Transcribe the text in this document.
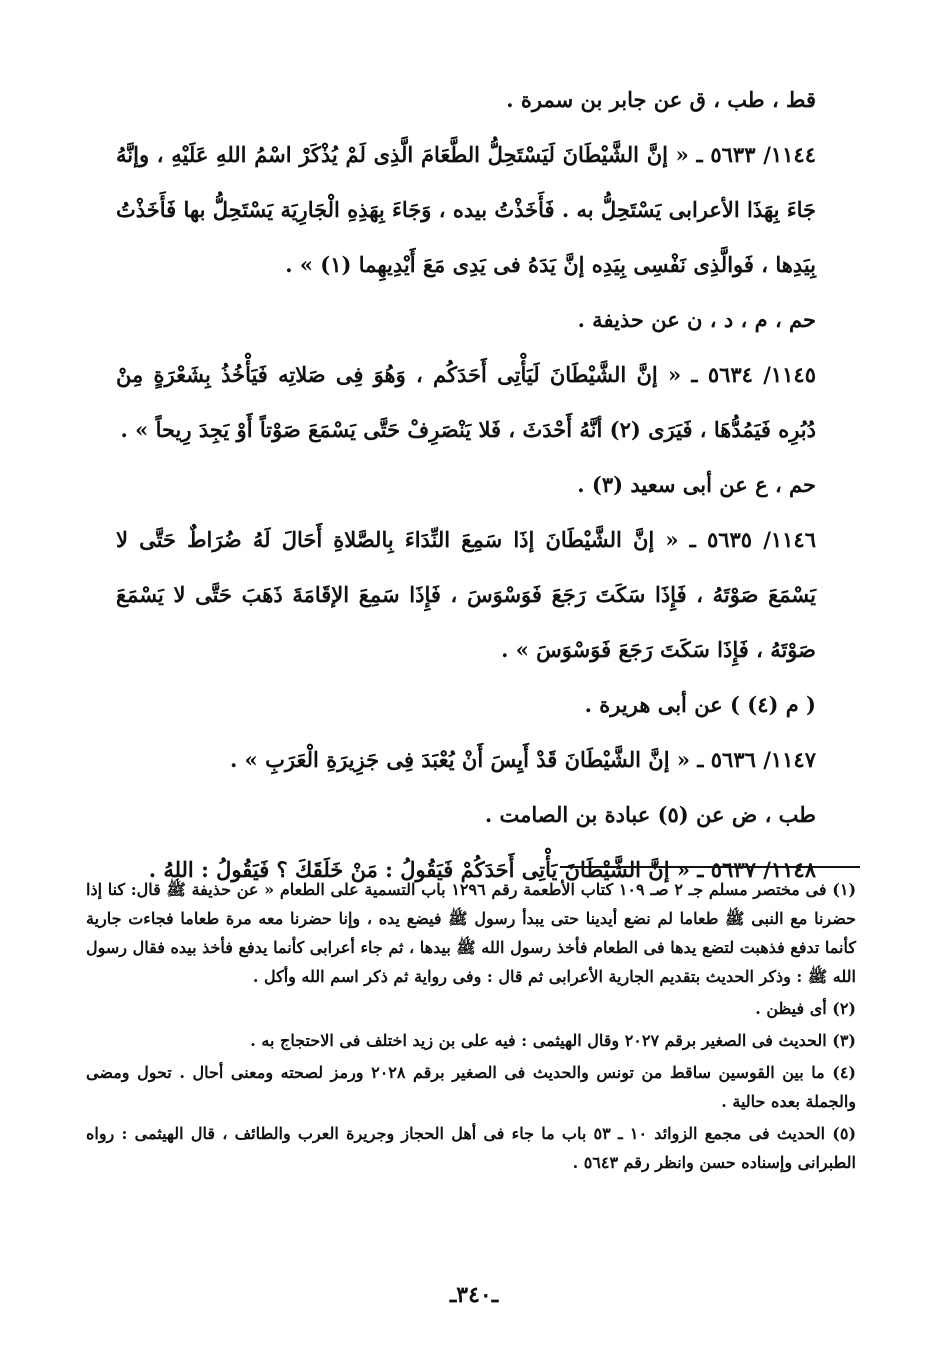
قط ، طب ، ق عن جابر بن سمرة .

١١٤٤/ ٥٦٣٣ ـ « إنَّ الشَّيْطَانَ لَيَسْتَحِلُّ الطَّعَامَ الَّذِى لَمْ يُذْكَرْ اسْمُ اللهِ عَلَيْهِ ، وإنَّهُ جَاءَ بِهَذَا الأعرابى يَسْتَحِلُّ به . فَأَخَذْتُ بيده ، وَجَاءَ بِهَذِهِ الْجَارِيَة يَسْتَحِلُّ بها فَأَخَذْتُ بِيَدِها ، فَوالَّذِى نَفْسِى بِيَدِه إنَّ يَدَهُ فى يَدِى مَعَ أَيْدِيهِما (١) » .

حم ، م ، د ، ن عن حذيفة .

١١٤٥/ ٥٦٣٤ ـ « إنَّ الشَّيْطَانَ لَيَأْتِى أَحَدَكُم ، وَهُوَ فِى صَلاتِه فَيَأْخُذُ بِشَعْرَةٍ مِنْ دُبُرِه فَيَمُدُّهَا ، فَيَرَى (٢) أنَّهُ أَحْدَثَ ، فَلا يَنْصَرِفْ حَتَّى يَسْمَعَ صَوْتاً أَوْ يَجِدَ رِيحاً » .

حم ، ع عن أبى سعيد (٣) .

١١٤٦/ ٥٦٣٥ ـ « إنَّ الشَّيْطَانَ إذَا سَمِعَ النِّدَاءَ بِالصَّلاةِ أَحَالَ لَهُ ضُرَاطٌ حَتَّى لا يَسْمَعَ صَوْتَهُ ، فَإِذَا سَكَتَ رَجَعَ فَوَسْوَسَ ، فَإِذَا سَمِعَ الإقَامَةَ ذَهَبَ حَتَّى لا يَسْمَعَ صَوْتَهُ ، فَإِذَا سَكَتَ رَجَعَ فَوَسْوَسَ » .

( م (٤) ) عن أبى هريرة .

١١٤٧/ ٥٦٣٦ ـ « إنَّ الشَّيْطَانَ قَدْ أَيِسَ أَنْ يُعْبَدَ فِى جَزِيرَةِ الْعَرَبِ » .

طب ، ض عن (٥) عبادة بن الصامت .

١١٤٨/ ٥٦٣٧ ـ « إنَّ الشَّيْطَانَ يَأْتِى أَحَدَكُمْ فَيَقُولُ : مَنْ خَلَقَكَ ؟ فَيَقُولُ : اللهُ .

(١) فى مختصر مسلم جـ ٢ صـ ١٠٩ كتاب الأطعمة رقم ١٢٩٦ باب التسمية على الطعام « عن حذيفة ﷺ قال: كنا إذا حضرنا مع النبى ﷺ طعاما لم نضع أيدينا حتى يبدأ رسول ﷺ فيضع يده ، وإنا حضرنا معه مرة طعاما فجاءت جارية كأنما تدفع فذهبت لتضع يدها فى الطعام فأخذ رسول الله ﷺ بيدها ، ثم جاء أعرابى كأنما يدفع فأخذ بيده فقال رسول الله ﷺ : وذكر الحديث بتقديم الجارية الأعرابى ثم قال : وفى رواية ثم ذكر اسم الله وأكل .

(٢) أى فيظن .

(٣) الحديث فى الصغير برقم ٢٠٢٧ وقال الهيثمى : فيه على بن زيد اختلف فى الاحتجاج به .

(٤) ما بين القوسين ساقط من تونس والحديث فى الصغير برقم ٢٠٢٨ ورمز لصحته ومعنى أحال . تحول ومضى والجملة بعده حالية .

(٥) الحديث فى مجمع الزوائد ١٠ ـ ٥٣ باب ما جاء فى أهل الحجاز وجريرة العرب والطائف ، قال الهيثمى : رواه الطبرانى وإسناده حسن وانظر رقم ٥٦٤٣ .

ـ٣٤٠ـ
